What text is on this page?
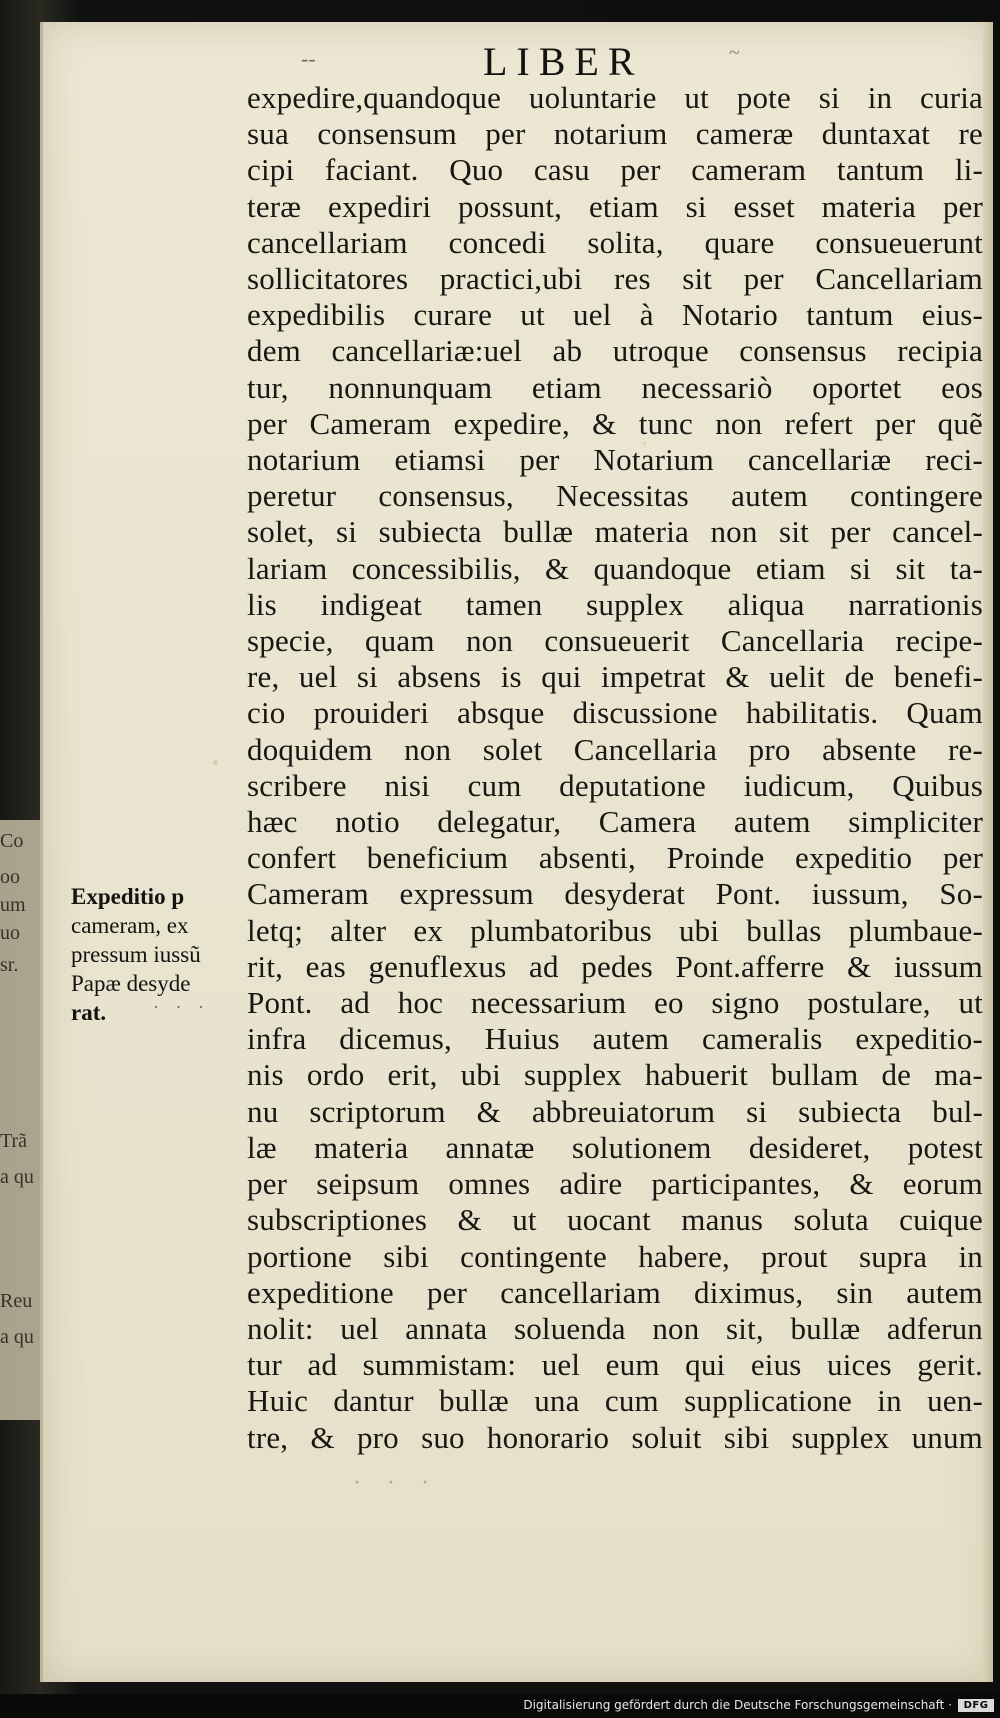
Co
oo
um
uo
sr.
Trã
a qu
Reu
a qu
--	LIBER	~
Expeditio p
cameram, ex
pressum iussũ
Papæ desyde
rat.	· · ·
expedire,quandoque uoluntarie ut pote si in curia
sua consensum per notarium cameræ duntaxat re
cipi faciant. Quo casu per cameram tantum li-
teræ expediri possunt, etiam si esset materia per
cancellariam concedi solita, quare consueuerunt
sollicitatores practici,ubi res sit per Cancellariam
expedibilis curare ut uel à Notario tantum eius-
dem cancellariæ:uel ab utroque consensus recipia
tur, nonnunquam etiam necessariò oportet eos
per Cameram expedire, & tunc non refert per quẽ
notarium etiamsi per Notarium cancellariæ reci-
peretur consensus, Necessitas autem contingere
solet, si subiecta bullæ materia non sit per cancel-
lariam concessibilis, & quandoque etiam si sit ta-
lis indigeat tamen supplex aliqua narrationis
specie, quam non consueuerit Cancellaria recipe-
re, uel si absens is qui impetrat & uelit de benefi-
cio prouideri absque discussione habilitatis. Quam
doquidem non solet Cancellaria pro absente re-
scribere nisi cum deputatione iudicum, Quibus
hæc notio delegatur, Camera autem simpliciter
confert beneficium absenti, Proinde expeditio per
Cameram expressum desyderat Pont. iussum, So-
letq; alter ex plumbatoribus ubi bullas plumbaue-
rit, eas genuflexus ad pedes Pont.afferre & iussum
Pont. ad hoc necessarium eo signo postulare, ut
infra dicemus, Huius autem cameralis expeditio-
nis ordo erit, ubi supplex habuerit bullam de ma-
nu scriptorum & abbreuiatorum si subiecta bul-
læ materia annatæ solutionem desideret, potest
per seipsum omnes adire participantes, & eorum
subscriptiones & ut uocant manus soluta cuique
portione sibi contingente habere, prout supra in
expeditione per cancellariam diximus, sin autem
nolit: uel annata soluenda non sit, bullæ adferun
tur ad summistam: uel eum qui eius uices gerit.
Huic dantur bullæ una cum supplicatione in uen-
tre, & pro suo honorario soluit sibi supplex unum
· · ·
Digitalisierung gefördert durch die Deutsche Forschungsgemeinschaft ·	DFG
